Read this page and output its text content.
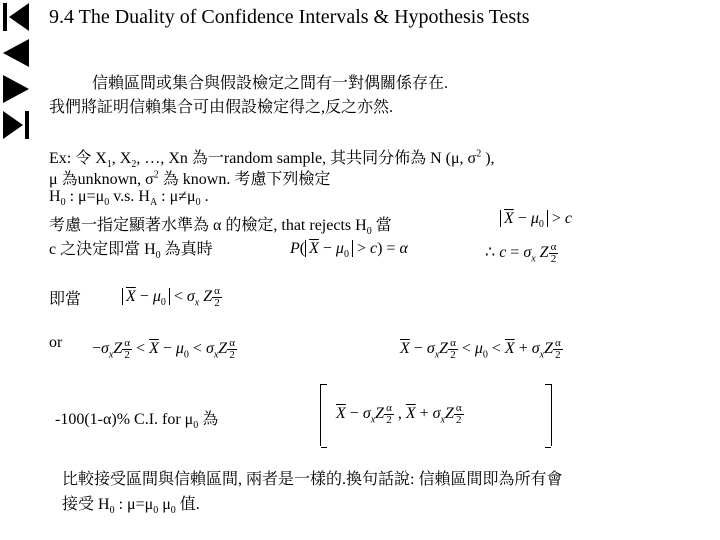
9.4 The Duality of Confidence Intervals & Hypothesis Tests
信賴區間或集合與假設檢定之間有一對偶關係存在.
我們將証明信賴集合可由假設檢定得之,反之亦然.
Ex: 令 $X_1$, $X_2$, …, Xn 為一random sample, 其共同分佈為 N (μ, $\sigma^2$ ),
μ 為unknown, $\sigma^2$ 為 known. 考慮下列檢定
$H_0$ : $\mu=\mu_0$ v.s. $H_A$ : $\mu\ne\mu_0$ .
考慮一指定顯著水準為 α 的檢定, that rejects $H_0$ 當	$\overline{X} - \mu_0 > c$
c 之決定即當 $H_0$ 為真時	P( $\overline{X} - \mu_0 > c) = \alpha$	∴ $c = \sigma_x$ Z $\frac{\alpha}{2}$
即當	$\overline{X} - \mu_0 < \sigma_x$ Z $\frac{\alpha}{2}$
or $-\sigma_xZ \frac{\alpha}{2} < \overline{X} - \mu_0 < \sigma_xZ \frac{\alpha}{2}$	$\overline{X} - \sigma_xZ \frac{\alpha}{2} < \mu_0 < \overline{X} + \sigma_xZ \frac{\alpha}{2}$
-100(1-α)% C.I. for $\mu_0$ 為	$\overline{X} - \sigma_xZ \frac{\alpha}{2}$ , $\overline{X} + \sigma_xZ \frac{\alpha}{2}$
比較接受區間與信賴區間, 兩者是一樣的.換句話說: 信賴區間即為所有會
接受 $H_0$ : $\mu=\mu_0$ $\mu_0$ 值.
